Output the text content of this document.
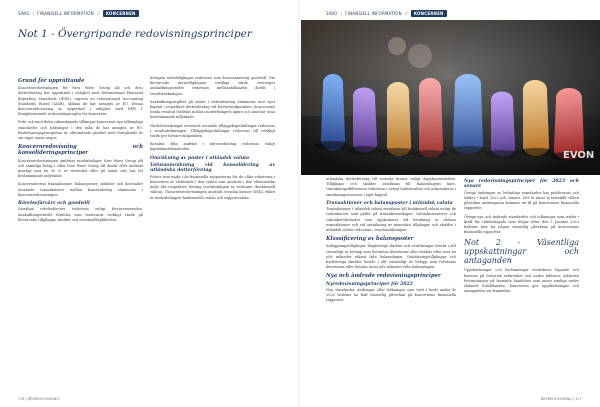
SIWO | FINANSIELL INFORMATION //	KONCERNEN
Not 1 - Övergripande redovisningsprinciper
Grund för upprättande

Koncernredovisningen för New Wave Group AB och dess dotterföretag har upprättats i enlighet med International Financial Reporting Standards (IFRS), utgivna av International Accounting Standards Board (IASB), sådana de har antagits av EU. Denna koncernredovisning är upprättad i enlighet med RFR 1 Kompletterande redovisningsregler för koncerner.

Från och med detta räkenskapsår tillämpar koncernen nya tillämpliga standarder och tolkningar i den mån de har antagits av EU. Redovisningsprinciperna är oförändrade jämfört med föregående år om inget annat anges.

Koncernredovisning och konsolideringsprinciper

Koncernredovisningen omfattar moderbolaget New Wave Group AB och samtliga bolag i vilka New Wave Group AB direkt eller indirekt innehar mer än 50 % av röstetalet eller på annat sätt har ett bestämmande inflytande.

Koncerninterna transaktioner, balansposter, intäkter och kostnader avseende transaktioner mellan koncernbolag elimineras i koncernredovisningen.

Rörelsefärvärv och goodwill

Samtliga rörelseförvärv redovisas enligt förvärvsmetoden. Anskaffningsvärdet fördelas som motsvarar verkligt värde på förvärvade tillgångar, skulder och eventualförpliktelser.

bolagets nettotillgångar redovisas som koncernmässig goodwill. Om förvärvade nettotillgångars verkliga värde överstiger anskaffningsvärdet redovisas mellanskillnaden direkt i resultaträkningen.

Anskaffningsutgifter på aktier i dotterföretag eliminerar mot eget kapital i respektive dotterföretag vid förvärvstidpunkten. Koncernens totala resultat fördelas mellan moderbolagets ägare och innehav utan bestämmande inflytande.

Värdeförändringar avseende avtalade tilläggsköpeskillingar redovisas i resultaträkningen. Tilläggsköpeskillingar redovisas till verkligt värde per förvärvstidpunkten.

Resultat från andelar i intresseföretag redovisas enligt kapitalandelsmetoden.

Omräkning av poster i utländsk valuta
Valutaomräkning vid konsolidering av utländska dotterföretag

Poster som ingår i de finansiella rapporterna för de olika enheterna i koncernen är värderade i den valuta som används i den ekonomiska miljö där respektive företag huvudsakligen är verksamt (funktionell valuta). I koncernredovisningen används svenska kronor (SEK), vilket är moderbolagets funktionella valuta och rapportvaluta.

176 | ÅRSREDOVISNING
SIWO | FINANSIELL INFORMATION //	KONCERNEN
EVON

utländska dotterföretag till svenska kronor enligt dagskursmetoden. Tillgångar och skulder omräknas till balansdagens kurs. Omräkningsdifferenser redovisas i övrigt totalresultat och ackumuleras i omräkningsreserven i eget kapital.

Transaktioner och balansposter i utländsk valuta

Transaktioner i utländsk valuta omräknas till funktionell valuta enligt de valutakurser som gäller på transaktionsdagen. Valutakursvinster och valutakursförluster som uppkommer vid betalning av sådana transaktioner och vid omräkning av monetära tillgångar och skulder i utländsk valuta redovisas i resultaträkningen.

Klassificering av balansposter

Anläggningstillgångar, långfristiga skulder och avsättningar består i allt väsentligt av belopp som förväntas återvinnas eller betalas efter mer än tolv månader räknat från balansdagen. Omsättningstillgångar och kortfristiga skulder består i allt väsentligt av belopp som förväntas återvinnas eller betalas inom tolv månader från balansdagen.

Nya och ändrade redovisningsprinciper
Nyredovisningsprinciper för 2022

Nya standarder, ändringar eller tolkningar som trätt i kraft under år 2022 bedöms ha haft väsentlig påverkan på koncernens finansiella rapporter.

Nya redovisningsprinciper för 2023 och senare

Övriga ändringar av befintliga standarder har publicerats och träder i kraft 2023 och senare. Det är ännu ej fastställt vilken påverkan ändringarna kommer att få på koncernens finansiella rapporter.

Övriga nya och ändrade standarder och tolkningar som träder i kraft för räkenskapsår som börjar efter den 1 januari 2023 bedöms inte ha någon väsentlig påverkan på koncernens finansiella rapporter.

Not 2 - Väsentliga uppskattningar och antaganden

Uppskattningar och bedömningar utvärderas löpande och baseras på historisk erfarenhet och andra faktorer, inklusive förväntningar på framtida händelser som anses rimliga under rådande förhållanden. Koncernen gör uppskattningar och antaganden om framtiden.

ÅRSREDOVISNING | 177
